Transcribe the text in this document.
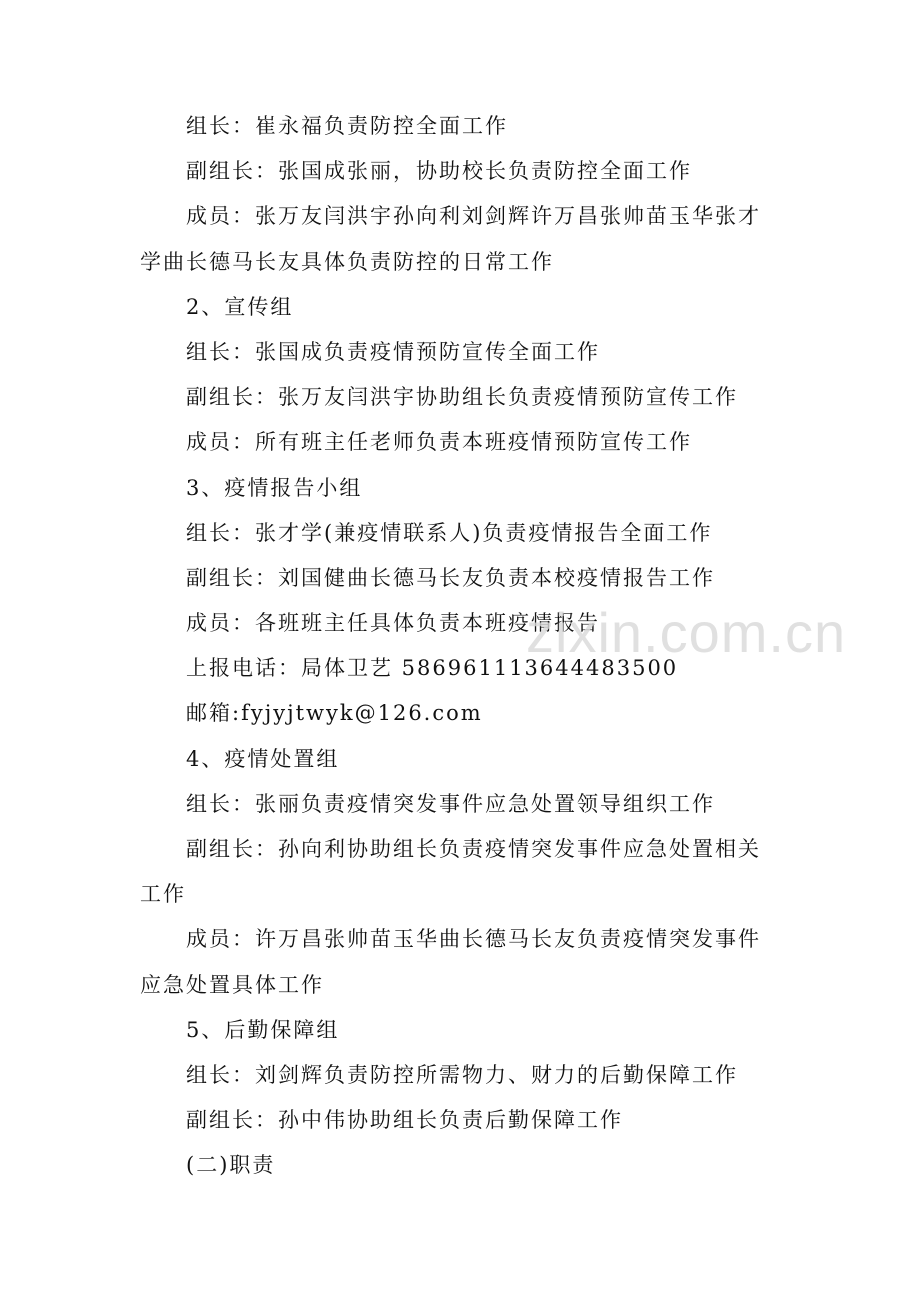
组长：崔永福负责防控全面工作
副组长：张国成张丽，协助校长负责防控全面工作
成员：张万友闫洪宇孙向利刘剑辉许万昌张帅苗玉华张才
学曲长德马长友具体负责防控的日常工作
2、宣传组
组长：张国成负责疫情预防宣传全面工作
副组长：张万友闫洪宇协助组长负责疫情预防宣传工作
成员：所有班主任老师负责本班疫情预防宣传工作
3、疫情报告小组
组长：张才学(兼疫情联系人)负责疫情报告全面工作
副组长：刘国健曲长德马长友负责本校疫情报告工作
成员：各班班主任具体负责本班疫情报告
上报电话：局体卫艺 586961113644483500
邮箱:fyjyjtwyk@126.com
4、疫情处置组
组长：张丽负责疫情突发事件应急处置领导组织工作
副组长：孙向利协助组长负责疫情突发事件应急处置相关
工作
成员：许万昌张帅苗玉华曲长德马长友负责疫情突发事件
应急处置具体工作
5、后勤保障组
组长：刘剑辉负责防控所需物力、财力的后勤保障工作
副组长：孙中伟协助组长负责后勤保障工作
(二)职责
zixin.com.cn
